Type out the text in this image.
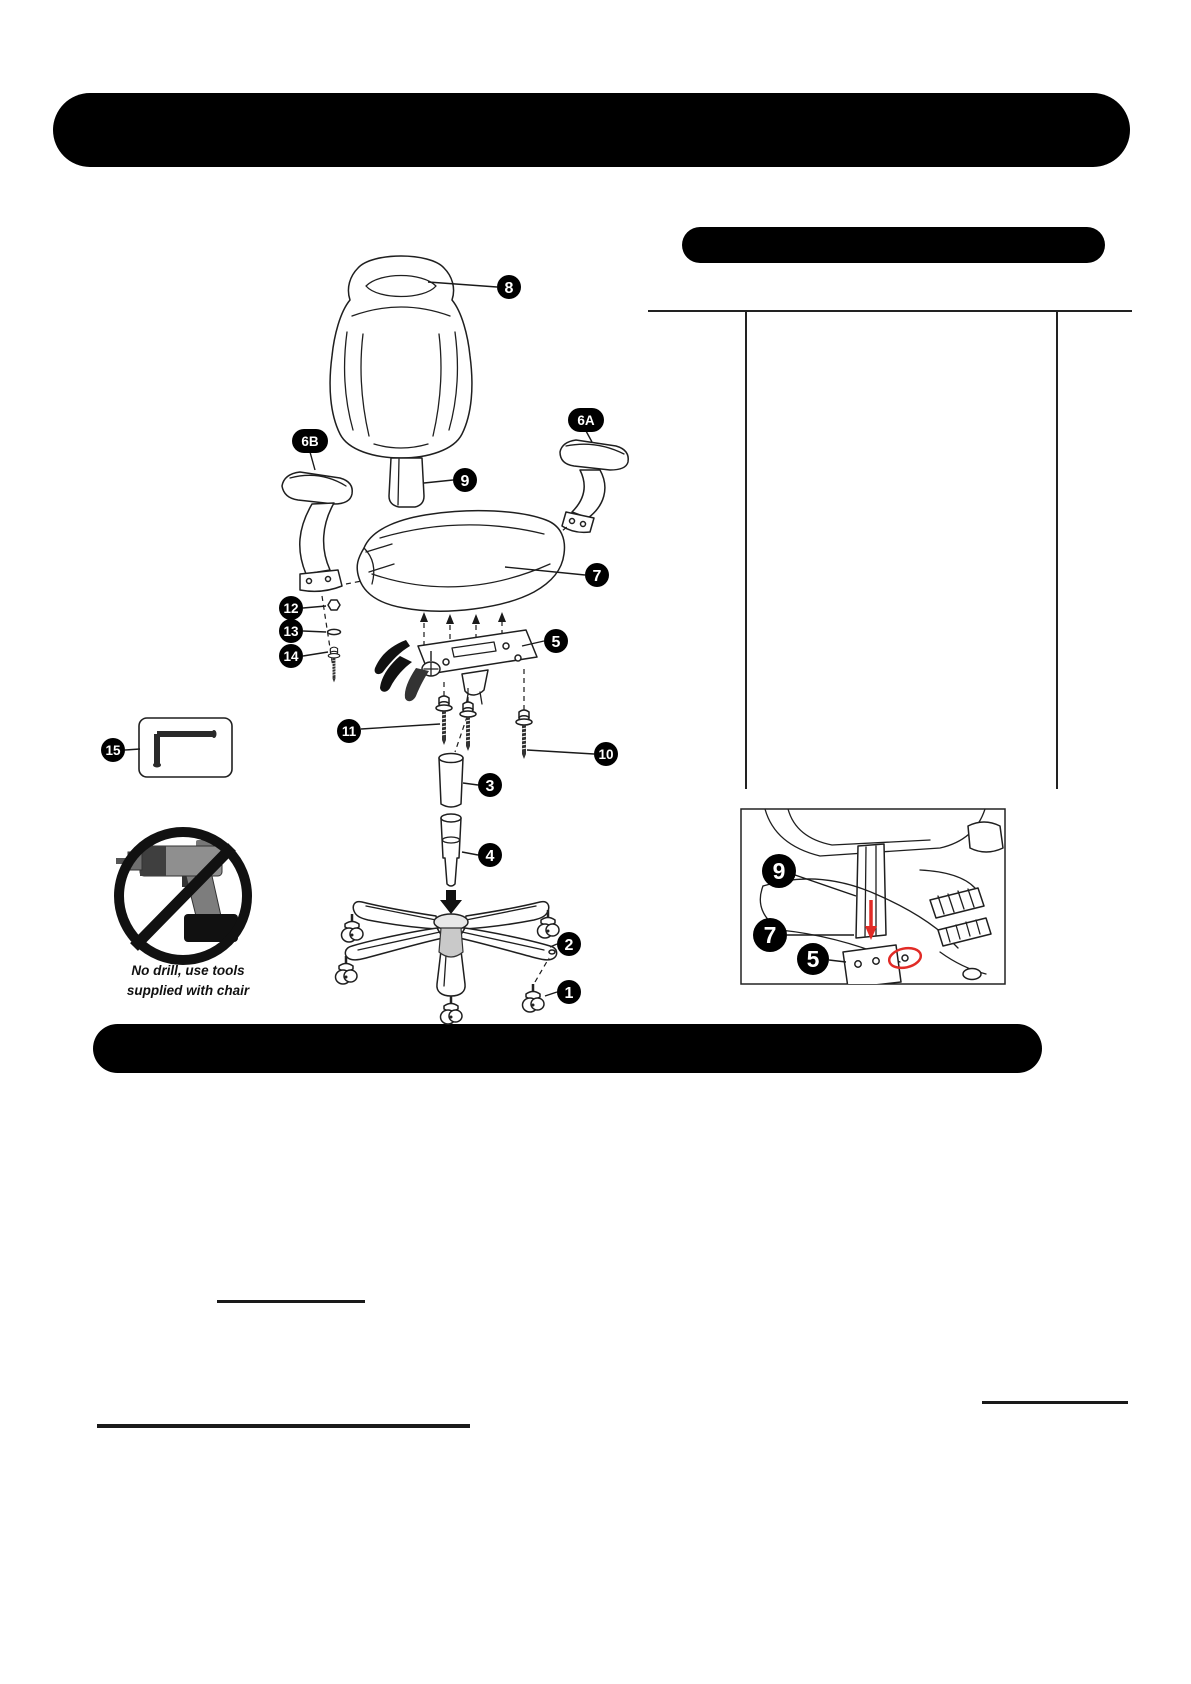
No drill, use tools
supplied with chair
8
9
6B
6A
7
5
12
13
14
15
11
10
3
4
2
1
9
7
5
